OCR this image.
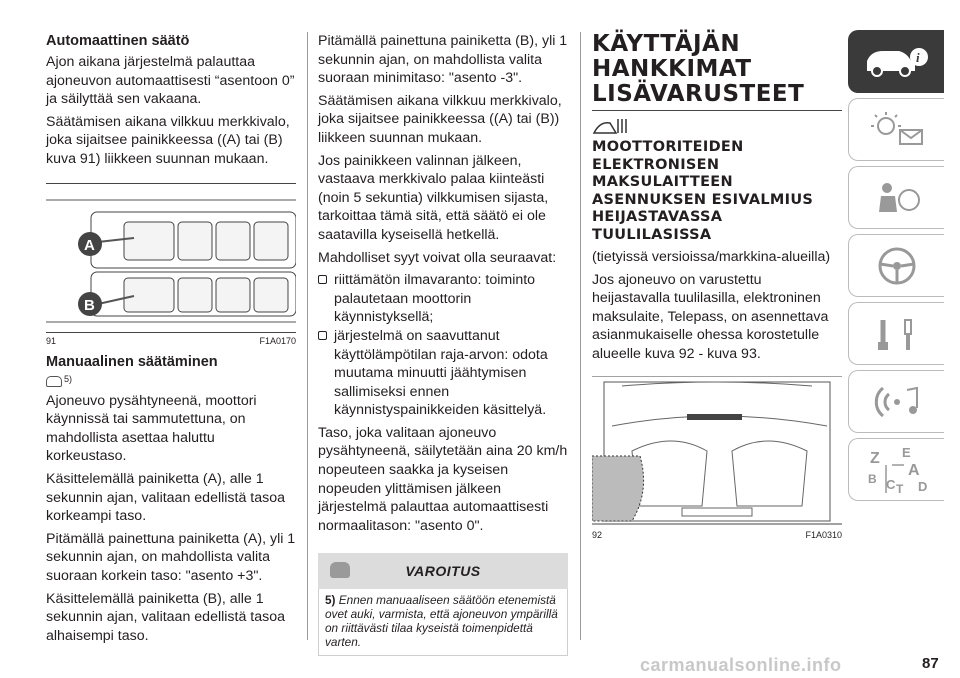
Automaattinen säätö

Ajon aikana järjestelmä palauttaa ajoneuvon automaattisesti “asentoon 0” ja säilyttää sen vakaana.

Säätämisen aikana vilkkuu merkkivalo, joka sijaitsee painikkeessa ((A) tai (B) kuva 91) liikkeen suunnan mukaan.

A
B
91	F1A0170
Manuaalinen säätäminen
$^{5)}$

Ajoneuvo pysähtyneenä, moottori käynnissä tai sammutettuna, on mahdollista asettaa haluttu korkeustaso.

Käsittelemällä painiketta (A), alle 1 sekunnin ajan, valitaan edellistä tasoa korkeampi taso.

Pitämällä painettuna painiketta (A), yli 1 sekunnin ajan, on mahdollista valita suoraan korkein taso: "asento +3".

Käsittelemällä painiketta (B), alle 1 sekunnin ajan, valitaan edellistä tasoa alhaisempi taso.

Pitämällä painettuna painiketta (B), yli 1 sekunnin ajan, on mahdollista valita suoraan minimitaso: "asento -3".

Säätämisen aikana vilkkuu merkkivalo, joka sijaitsee painikkeessa ((A) tai (B)) liikkeen suunnan mukaan.

Jos painikkeen valinnan jälkeen, vastaava merkkivalo palaa kiinteästi (noin 5 sekuntia) vilkkumisen sijasta, tarkoittaa tämä sitä, että säätö ei ole saatavilla kyseisellä hetkellä.

Mahdolliset syyt voivat olla seuraavat:

riittämätön ilmavaranto: toiminto palautetaan moottorin käynnistyksellä;

järjestelmä on saavuttanut käyttölämpötilan raja-arvon: odota muutama minuutti jäähtymisen sallimiseksi ennen käynnistyspainikkeiden käsittelyä.

Taso, joka valitaan ajoneuvo pysähtyneenä, säilytetään aina 20 km/h nopeuteen saakka ja kyseisen nopeuden ylittämisen jälkeen järjestelmä palauttaa automaattisesti normaalitason: "asento 0".

VAROITUS
5) Ennen manuaaliseen säätöön etenemistä ovet auki, varmista, että ajoneuvon ympärillä on riittävästi tilaa kyseistä toimenpidettä varten.
KÄYTTÄJÄN HANKKIMAT LISÄVARUSTEET
MOOTTORITEIDEN ELEKTRONISEN MAKSULAITTEEN ASENNUKSEN ESIVALMIUS HEIJASTAVASSA TUULILASISSA

(tietyissä versioissa/markkina-alueilla)

Jos ajoneuvo on varustettu heijastavalla tuulilasilla, elektroninen maksulaite, Telepass, on asennettava asianmukaiselle ohessa korostetulle alueelle kuva 92 - kuva 93.

92	F1A0310
i
Z E
A
B C T D
carmanualsonline.info	87
